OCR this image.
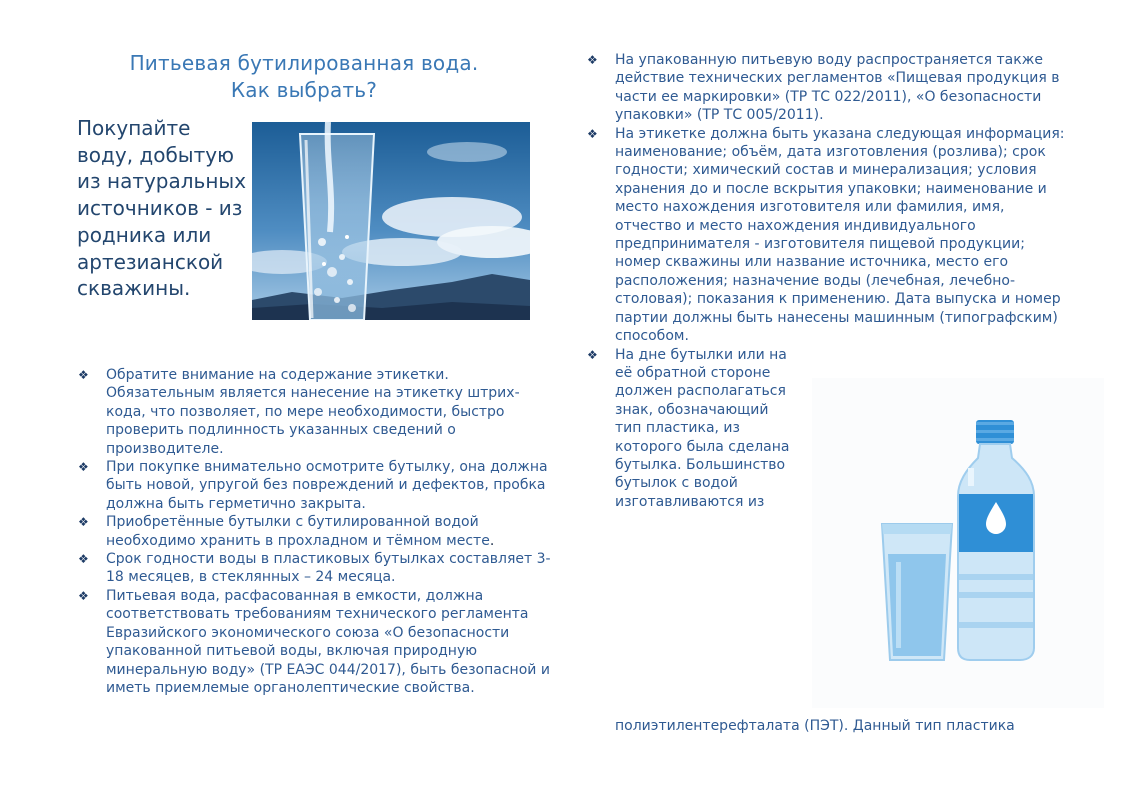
Питьевая бутилированная вода.
Как выбрать?
Покупайте воду, добытую из натуральных источников - из родника или артезианской скважины.
❖ Обратите внимание на содержание этикетки. Обязательным является нанесение на этикетку штрих-кода, что позволяет, по мере необходимости, быстро проверить подлинность указанных сведений о производителе.
❖ При покупке внимательно осмотрите бутылку, она должна быть новой, упругой без повреждений и дефектов, пробка должна быть герметично закрыта.
❖ Приобретённые бутылки с бутилированной водой необходимо хранить в прохладном и тёмном месте.
❖ Срок годности воды в пластиковых бутылках составляет 3-18 месяцев, в стеклянных – 24 месяца.
❖ Питьевая вода, расфасованная в емкости, должна соответствовать требованиям технического регламента Евразийского экономического союза «О безопасности упакованной питьевой воды, включая природную минеральную воду» (ТР ЕАЭС 044/2017), быть безопасной и иметь приемлемые органолептические свойства.
❖ На упакованную питьевую воду распространяется также действие технических регламентов «Пищевая продукция в части ее маркировки» (ТР ТС 022/2011), «О безопасности упаковки» (ТР ТС 005/2011).
❖ На этикетке должна быть указана следующая информация: наименование; объём, дата изготовления (розлива); срок годности; химический состав и минерализация; условия хранения до и после вскрытия упаковки; наименование и место нахождения изготовителя или фамилия, имя, отчество и место нахождения индивидуального предпринимателя - изготовителя пищевой продукции; номер скважины или название источника, место его расположения; назначение воды (лечебная, лечебно-столовая); показания к применению. Дата выпуска и номер партии должны быть нанесены машинным (типографским) способом.
❖ На дне бутылки или на её обратной стороне должен располагаться знак, обозначающий тип пластика, из которого была сделана бутылка. Большинство бутылок с водой изготавливаются из
полиэтилентерефталата (ПЭТ). Данный тип пластика
